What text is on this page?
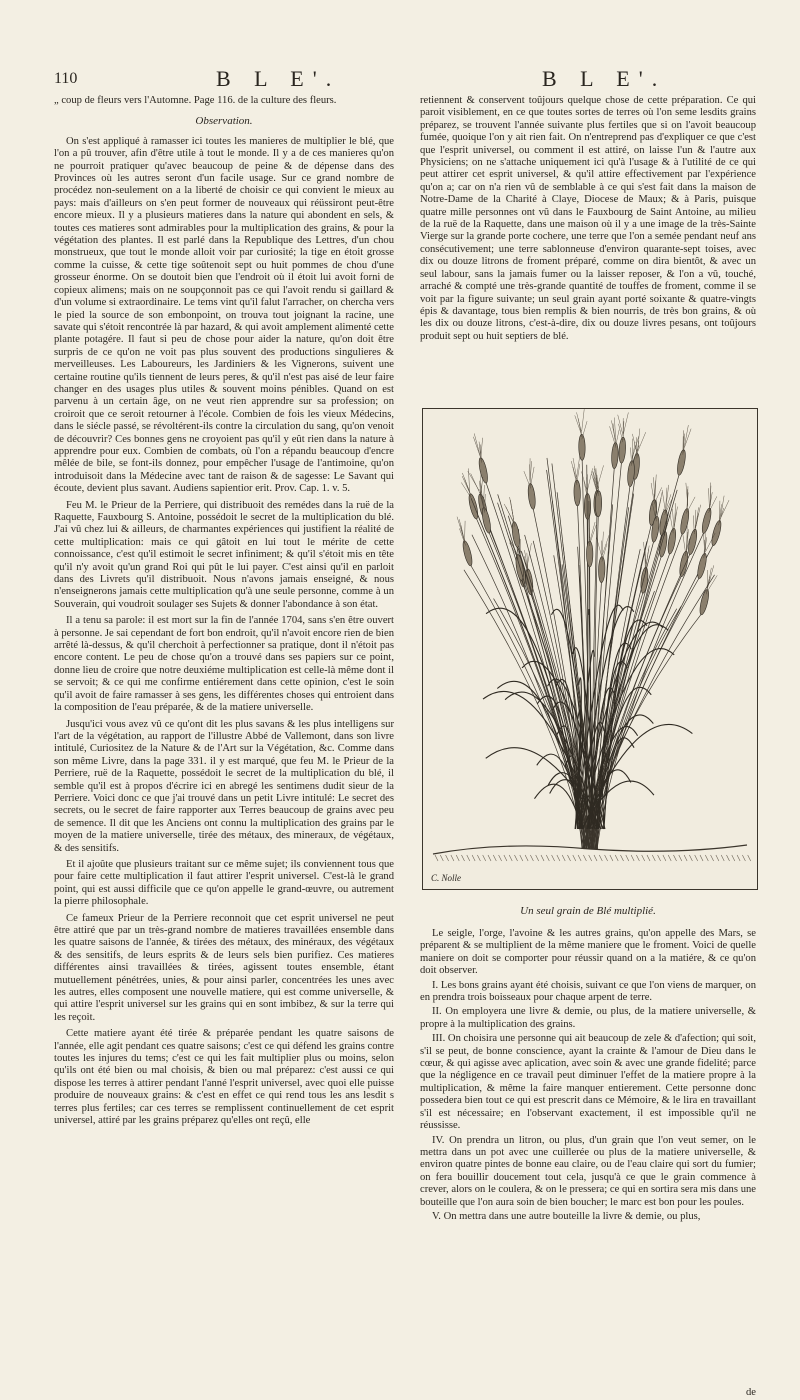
110	B L E'.	B L E'.

„ coup de fleurs vers l'Automne. Page 116. de la culture des fleurs.

Observation.

On s'est appliqué à ramasser ici toutes les manieres de multiplier le blé, que l'on a pû trouver, afin d'être utile à tout le monde. Il y a de ces manieres qu'on ne pourroit pratiquer qu'avec beaucoup de peine & de dépense dans des Provinces où les autres seront d'un facile usage. Sur ce grand nombre de procédez non-seulement on a la liberté de choisir ce qui convient le mieux au pays: mais d'ailleurs on s'en peut former de nouveaux qui réüssiront peut-être encore mieux. Il y a plusieurs matieres dans la nature qui abondent en sels, & toutes ces matieres sont admirables pour la multiplication des grains, & pour la végétation des plantes. Il est parlé dans la Republique des Lettres, d'un chou monstrueux, que tout le monde alloit voir par curiosité; la tige en étoit grosse comme la cuisse, & cette tige soûtenoit sept ou huit pommes de chou d'une grosseur énorme. On se doutoit bien que l'endroit où il étoit lui avoit forni de copieux alimens; mais on ne soupçonnoit pas ce qui l'avoit rendu si gaillard & d'un volume si extraordinaire. Le tems vint qu'il falut l'arracher, on chercha vers le pied la source de son embonpoint, on trouva tout joignant la racine, une savate qui s'étoit rencontrée là par hazard, & qui avoit amplement alimenté cette plante potagére. Il faut si peu de chose pour aider la nature, qu'on doit être surpris de ce qu'on ne voit pas plus souvent des productions singulieres & merveilleuses. Les Laboureurs, les Jardiniers & les Vignerons, suivent une certaine routine qu'ils tiennent de leurs peres, & qu'il n'est pas aisé de leur faire changer en des usages plus utiles & souvent moins pénibles. Quand on est parvenu à un certain âge, on ne veut rien apprendre sur sa profession; on croiroit que ce seroit retourner à l'école. Combien de fois les vieux Médecins, dans le siécle passé, se révoltérent-ils contre la circulation du sang, qu'on venoit de découvrir? Ces bonnes gens ne croyoient pas qu'il y eût rien dans la nature à apprendre pour eux. Combien de combats, où l'on a répandu beaucoup d'encre mêlée de bile, se font-ils donnez, pour empêcher l'usage de l'antimoine, qu'on introduisoit dans la Médecine avec tant de raison & de sagesse: Le Savant qui écoute, devient plus savant. Audiens sapientior erit. Prov. Cap. 1. v. 5.

Feu M. le Prieur de la Perriere, qui distribuoit des remédes dans la ruë de la Raquette, Fauxbourg S. Antoine, possédoit le secret de la multiplication du blé. J'ai vû chez lui & ailleurs, de charmantes expériences qui justifient la réalité de cette multiplication: mais ce qui gâtoit en lui tout le mérite de cette connoissance, c'est qu'il estimoit le secret infiniment; & qu'il s'étoit mis en tête qu'il n'y avoit qu'un grand Roi qui pût le lui payer. C'est ainsi qu'il en parloit dans des Livrets qu'il distribuoit. Nous n'avons jamais enseigné, & nous n'enseignerons jamais cette multiplication qu'à une seule personne, comme à un Souverain, qui voudroit soulager ses Sujets & donner l'abondance à son état.

Il a tenu sa parole: il est mort sur la fin de l'année 1704, sans s'en être ouvert à personne. Je sai cependant de fort bon endroit, qu'il n'avoit encore rien de bien arrêté là-dessus, & qu'il cherchoit à perfectionner sa pratique, dont il n'étoit pas encore content. Le peu de chose qu'on a trouvé dans ses papiers sur ce point, donne lieu de croire que notre deuxiéme multiplication est celle-là même dont il se servoit; & ce qui me confirme entiérement dans cette opinion, c'est le soin qu'il avoit de faire ramasser à ses gens, les différentes choses qui entroient dans la composition de l'eau préparée, & de la matiere universelle.

Jusqu'ici vous avez vû ce qu'ont dit les plus savans & les plus intelligens sur l'art de la végétation, au rapport de l'illustre Abbé de Vallemont, dans son livre intitulé, Curiositez de la Nature & de l'Art sur la Végétation, &c. Comme dans son même Livre, dans la page 331. il y est marqué, que feu M. le Prieur de la Perriere, ruë de la Raquette, possédoit le secret de la multiplication du blé, il semble qu'il est à propos d'écrire ici en abregé les sentimens dudit sieur de la Perriere. Voici donc ce que j'ai trouvé dans un petit Livre intitulé: Le secret des secrets, ou le secret de faire rapporter aux Terres beaucoup de grains avec peu de semence. Il dit que les Anciens ont connu la multiplication des grains par le moyen de la matiere universelle, tirée des métaux, des mineraux, de végétaux, & des sensitifs.

Et il ajoûte que plusieurs traitant sur ce même sujet; ils conviennent tous que pour faire cette multiplication il faut attirer l'esprit universel. C'est-là le grand point, qui est aussi difficile que ce qu'on appelle le grand-œuvre, ou autrement la pierre philosophale.

Ce fameux Prieur de la Perriere reconnoit que cet esprit universel ne peut être attiré que par un très-grand nombre de matieres travaillées ensemble dans les quatre saisons de l'année, & tirées des métaux, des minéraux, des végétaux & des sensitifs, de leurs esprits & de leurs sels bien purifiez. Ces matieres différentes ainsi travaillées & tirées, agissent toutes ensemble, étant mutuellement pénétrées, unies, & pour ainsi parler, concentrées les unes avec les autres, elles composent une nouvelle matiere, qui est comme universelle, & qui attire l'esprit universel sur les grains qui en sont imbibez, & sur la terre qui les reçoit.

Cette matiere ayant été tirée & préparée pendant les quatre saisons de l'année, elle agit pendant ces quatre saisons; c'est ce qui défend les grains contre toutes les injures du tems; c'est ce qui les fait multiplier plus ou moins, selon qu'ils ont été bien ou mal choisis, & bien ou mal préparez: c'est aussi ce qui dispose les terres à attirer pendant l'anné l'esprit universel, avec quoi elle puisse produire de nouveaux grains: & c'est en effet ce qui rend tous les ans lesdit s terres plus fertiles; car ces terres se remplissent continuellement de cet esprit universel, attiré par les grains préparez qu'elles ont reçû, elle

retiennent & conservent toûjours quelque chose de cette préparation. Ce qui paroit visiblement, en ce que toutes sortes de terres où l'on seme lesdits grains préparez, se trouvent l'année suivante plus fertiles que si on l'avoit beaucoup fumée, quoique l'on y ait rien fait. On n'entreprend pas d'expliquer ce que c'est que l'esprit universel, ou comment il est attiré, on laisse l'un & l'autre aux Physiciens; on ne s'attache uniquement ici qu'à l'usage & à l'utilité de ce qui peut attirer cet esprit universel, & qu'il attire effectivement par l'expérience qu'on a; car on n'a rien vû de semblable à ce qui s'est fait dans la maison de Notre-Dame de la Charité à Claye, Diocese de Maux; & à Paris, puisque quatre mille personnes ont vû dans le Fauxbourg de Saint Antoine, au milieu de la ruë de la Raquette, dans une maison où il y a une image de la très-Sainte Vierge sur la grande porte cochere, une terre que l'on a semée pendant neuf ans consécutivement; une terre sablonneuse d'environ quarante-sept toises, avec dix ou douze litrons de froment préparé, comme on dira bientôt, & avec un seul labour, sans la jamais fumer ou la laisser reposer, & l'on a vû, touché, arraché & compté une très-grande quantité de touffes de froment, comme il se voit par la figure suivante; un seul grain ayant porté soixante & quatre-vingts épis & davantage, tous bien remplis & bien nourris, de très bon grains, & où les dix ou douze litrons, c'est-à-dire, dix ou douze livres pesans, ont toûjours produit sept ou huit septiers de blé.

C. Nolle
Un seul grain de Blé multiplié.

Le seigle, l'orge, l'avoine & les autres grains, qu'on appelle des Mars, se préparent & se multiplient de la même maniere que le froment. Voici de quelle maniere on doit se comporter pour réussir quand on a la matiére, & ce qu'on doit observer.

I. Les bons grains ayant été choisis, suivant ce que l'on viens de marquer, on en prendra trois boisseaux pour chaque arpent de terre.

II. On employera une livre & demie, ou plus, de la matiere universelle, & propre à la multiplication des grains.

III. On choisira une personne qui ait beaucoup de zele & d'afection; qui soit, s'il se peut, de bonne conscience, ayant la crainte & l'amour de Dieu dans le cœur, & qui agisse avec aplication, avec soin & avec une grande fidelité; parce que la négligence en ce travail peut diminuer l'effet de la matiere propre à la multiplication, & même la faire manquer entierement. Cette personne donc possedera bien tout ce qui est prescrit dans ce Mémoire, & le lira en travaillant s'il est nécessaire; en l'observant exactement, il est impossible qu'il ne réussisse.

IV. On prendra un litron, ou plus, d'un grain que l'on veut semer, on le mettra dans un pot avec une cuillerée ou plus de la matiere universelle, & environ quatre pintes de bonne eau claire, ou de l'eau claire qui sort du fumier; on fera bouillir doucement tout cela, jusqu'à ce que le grain commence à crever, alors on le coulera, & on le pressera; ce qui en sortira sera mis dans une bouteille que l'on aura soin de bien boucher; le marc est bon pour les poules.

V. On mettra dans une autre bouteille la livre & demie, ou plus,

de
